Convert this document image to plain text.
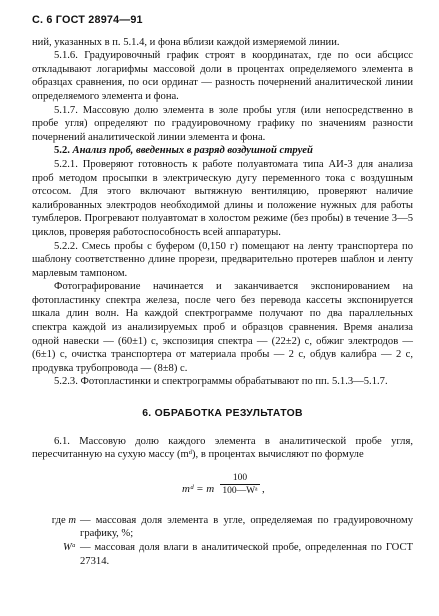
С. 6 ГОСТ 28974—91

ний, указанных в п. 5.1.4, и фона вблизи каждой измеряемой линии.

5.1.6. Градуировочный график строят в координатах, где по оси абсцисс откладывают логарифмы массовой доли в процентах определяемого элемента в образцах сравнения, по оси ординат — разность почернений аналитической линии определяемого элемента и фона.

5.1.7. Массовую долю элемента в золе пробы угля (или непосредственно в пробе угля) определяют по градуировочному графику по значениям разности почернений аналитической линии элемента и фона.

5.2. Анализ проб, введенных в разряд воздушной струей

5.2.1. Проверяют готовность к работе полуавтомата типа АИ-3 для анализа проб методом просыпки в электрическую дугу переменного тока с воздушным отсосом. Для этого включают вытяжную вентиляцию, проверяют наличие калиброванных электродов необходимой длины и положение нужных для работы тумблеров. Прогревают полуавтомат в холостом режиме (без пробы) в течение 3—5 циклов, проверяя работоспособность всей аппаратуры.

5.2.2. Смесь пробы с буфером (0,150 г) помещают на ленту транспортера по шаблону соответственно длине прорези, предварительно протерев шаблон и ленту марлевым тампоном.

Фотографирование начинается и заканчивается экспонированием на фотопластинку спектра железа, после чего без перевода кассеты экспонируется шкала длин волн. На каждой спектрограмме получают по два параллельных спектра каждой из анализируемых проб и образцов сравнения. Время анализа одной навески — (60±1) с, экспозиция спектра — (22±2) с, обжиг электродов — (6±1) с, очистка транспортера от материала пробы — 2 с, обдув калибра — 2 с, продувка трубопровода — (8±8) с.

5.2.3. Фотопластинки и спектрограммы обрабатывают по пп. 5.1.3—5.1.7.

6. ОБРАБОТКА РЕЗУЛЬТАТОВ

6.1. Массовую долю каждого элемента в аналитической пробе угля, пересчитанную на сухую массу (mᵈ), в процентах вычисляют по формуле

mᵈ = m $\frac{100}{\text{100—Wᵃ}}$ ,
где m — массовая доля элемента в угле, определяемая по градуировочному графику, %;
Wᵃ — массовая доля влаги в аналитической пробе, определенная по ГОСТ 27314.
